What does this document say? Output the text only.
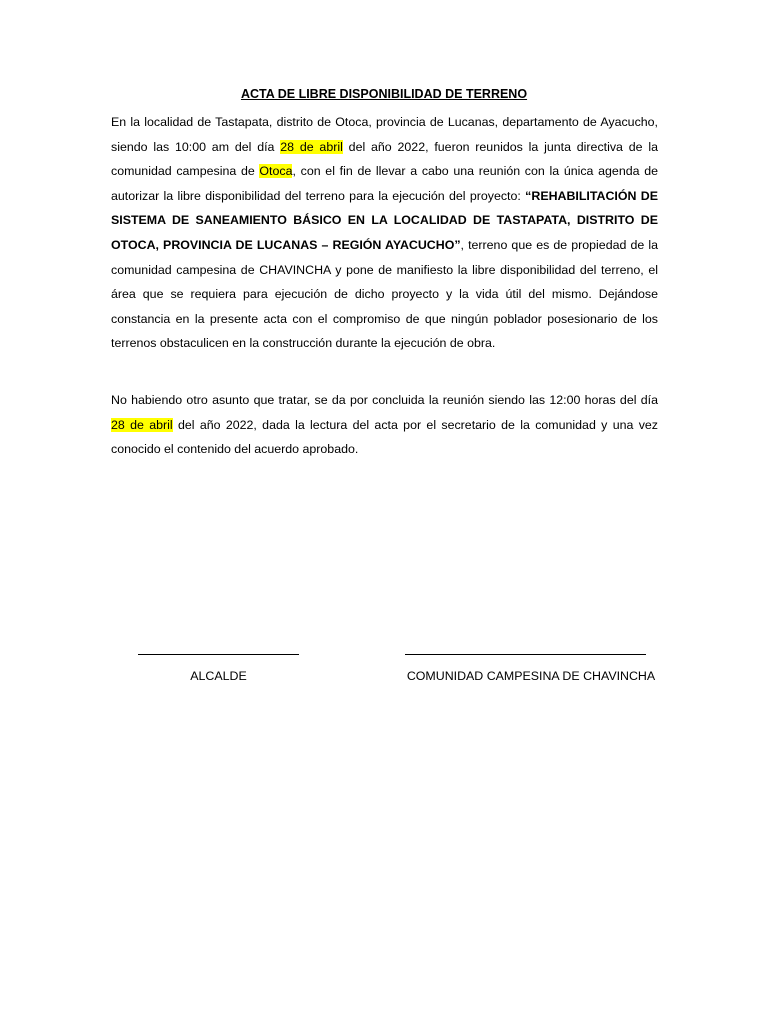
ACTA DE LIBRE DISPONIBILIDAD DE TERRENO

En la localidad de Tastapata, distrito de Otoca, provincia de Lucanas, departamento de Ayacucho, siendo las 10:00 am del día 28 de abril del año 2022, fueron reunidos la junta directiva de la comunidad campesina de Otoca, con el fin de llevar a cabo una reunión con la única agenda de autorizar la libre disponibilidad del terreno para la ejecución del proyecto: “REHABILITACIÓN DE SISTEMA DE SANEAMIENTO BÁSICO EN LA LOCALIDAD DE TASTAPATA, DISTRITO DE OTOCA, PROVINCIA DE LUCANAS – REGIÓN AYACUCHO”, terreno que es de propiedad de la comunidad campesina de CHAVINCHA y pone de manifiesto la libre disponibilidad del terreno, el área que se requiera para ejecución de dicho proyecto y la vida útil del mismo. Dejándose constancia en la presente acta con el compromiso de que ningún poblador posesionario de los terrenos obstaculicen en la construcción durante la ejecución de obra.

No habiendo otro asunto que tratar, se da por concluida la reunión siendo las 12:00 horas del día 28 de abril del año 2022, dada la lectura del acta por el secretario de la comunidad y una vez conocido el contenido del acuerdo aprobado.

ALCALDE	COMUNIDAD CAMPESINA DE CHAVINCHA
